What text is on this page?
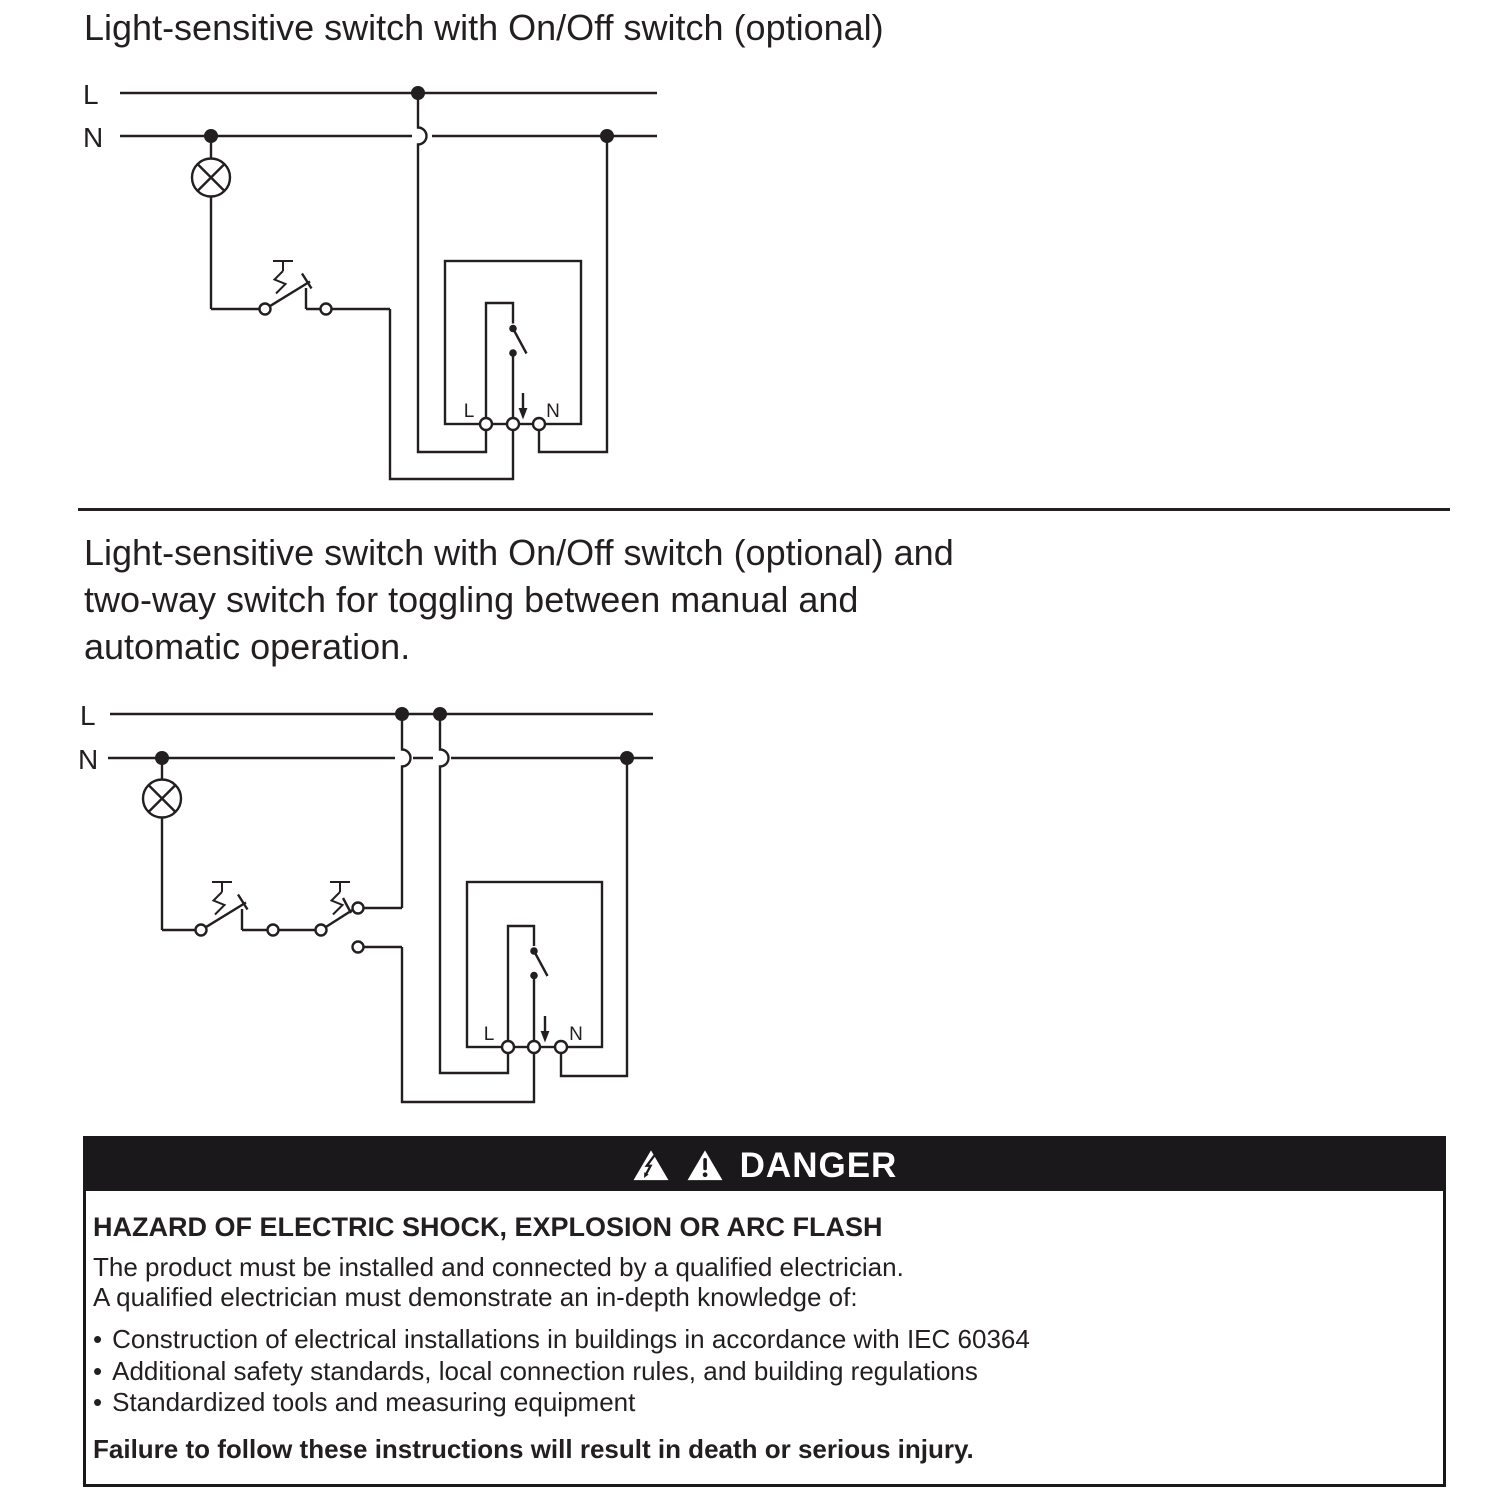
Light-sensitive switch with On/Off switch (optional)
L
N
L	N
L
N
L	N
Light-sensitive switch with On/Off switch (optional) and
two-way switch for toggling between manual and
automatic operation.
DANGER
HAZARD OF ELECTRIC SHOCK, EXPLOSION OR ARC FLASH
The product must be installed and connected by a qualified electrician.
A qualified electrician must demonstrate an in-depth knowledge of:
• Construction of electrical installations in buildings in accordance with IEC 60364
• Additional safety standards, local connection rules, and building regulations
• Standardized tools and measuring equipment
Failure to follow these instructions will result in death or serious injury.
